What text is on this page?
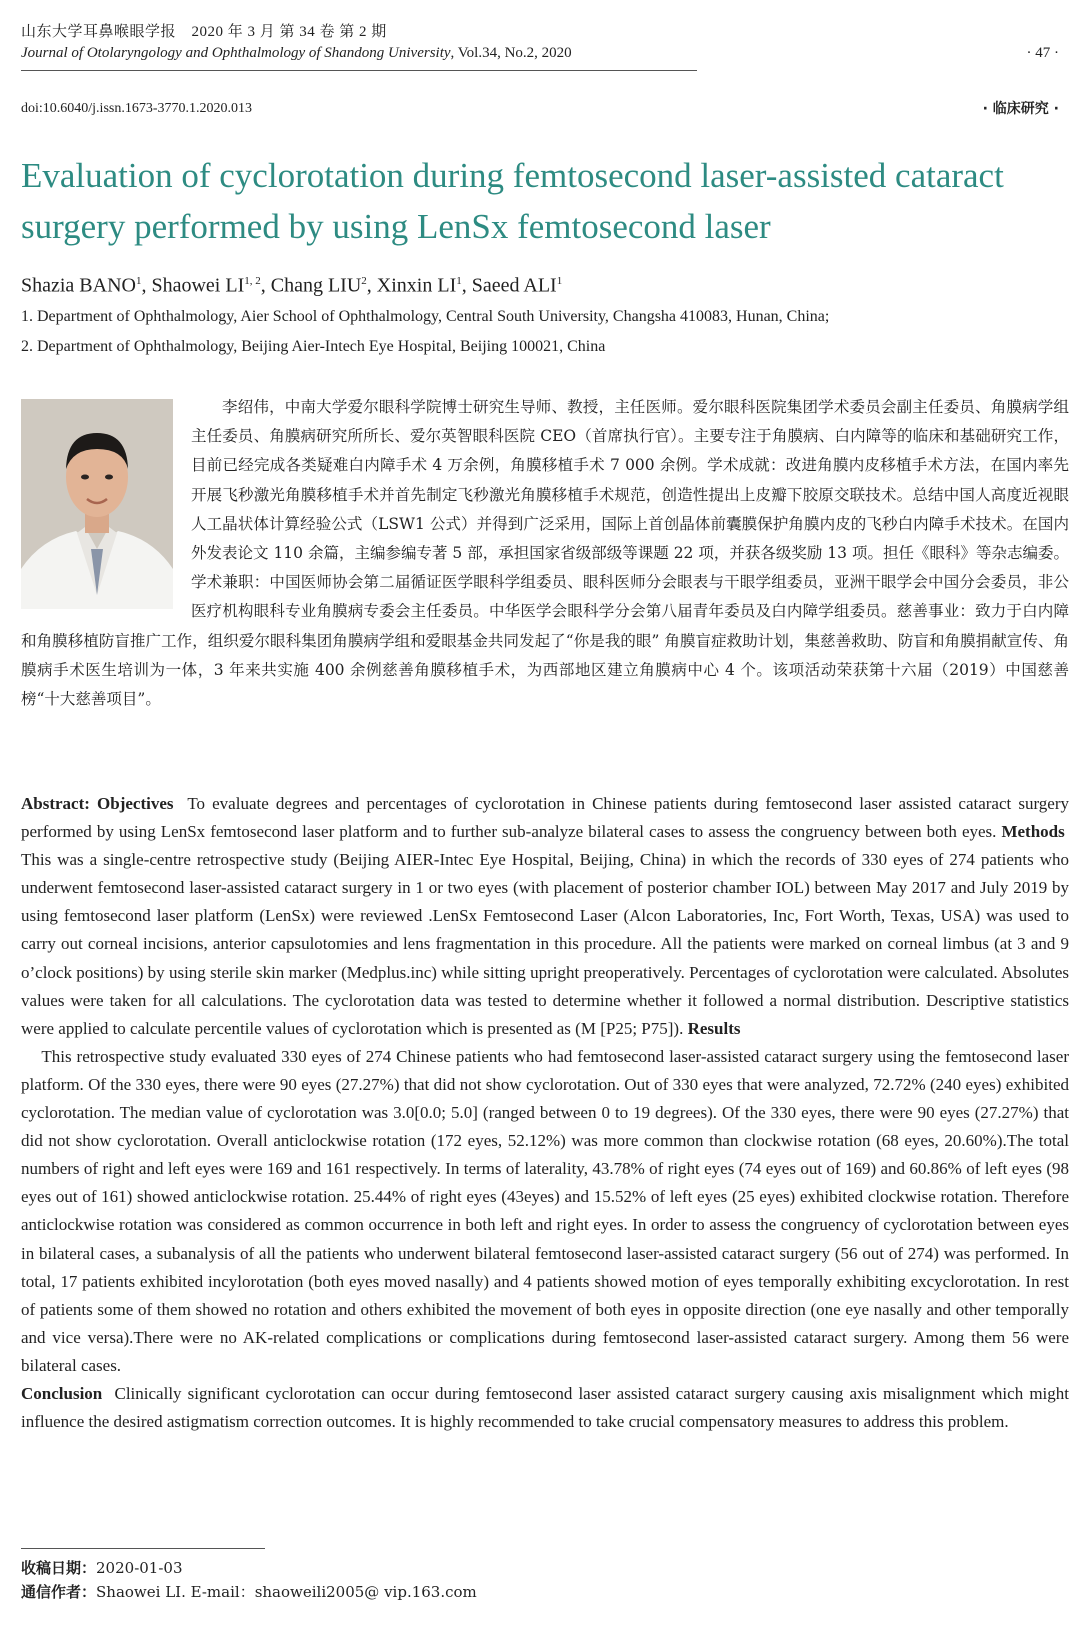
山东大学耳鼻喉眼学报　2020 年 3 月 第 34 卷 第 2 期
Journal of Otolaryngology and Ophthalmology of Shandong University, Vol.34, No.2, 2020	· 47 ·
doi:10.6040/j.issn.1673-3770.1.2020.013	· 临床研究 ·
Evaluation of cyclorotation during femtosecond laser-assisted cataract surgery performed by using LenSx femtosecond laser
Shazia BANO$^1$, Shaowei LI$^{1, 2}$, Chang LIU$^2$, Xinxin $LI^1$, Saeed ALI$^1$
1. Department of Ophthalmology, Aier School of Ophthalmology, Central South University, Changsha 410083, Hunan, China;
2. Department of Ophthalmology, Beijing Aier-Intech Eye Hospital, Beijing 100021, China

李绍伟，中南大学爱尔眼科学院博士研究生导师、教授，主任医师。爱尔眼科医院集团学术委员会副主任委员、角膜病学组主任委员、角膜病研究所所长、爱尔英智眼科医院 CEO（首席执行官）。主要专注于角膜病、白内障等的临床和基础研究工作，目前已经完成各类疑难白内障手术 4 万余例，角膜移植手术 7 000 余例。学术成就：改进角膜内皮移植手术方法，在国内率先开展飞秒激光角膜移植手术并首先制定飞秒激光角膜移植手术规范，创造性提出上皮瓣下胶原交联技术。总结中国人高度近视眼人工晶状体计算经验公式（LSW1 公式）并得到广泛采用，国际上首创晶体前囊膜保护角膜内皮的飞秒白内障手术技术。在国内外发表论文 110 余篇，主编参编专著 5 部，承担国家省级部级等课题 22 项，并获各级奖励 13 项。担任《眼科》等杂志编委。学术兼职：中国医师协会第二届循证医学眼科学组委员、眼科医师分会眼表与干眼学组委员，亚洲干眼学会中国分会委员，非公医疗机构眼科专业角膜病专委会主任委员。中华医学会眼科学分会第八届青年委员及白内障学组委员。慈善事业：致力于白内障和角膜移植防盲推广工作，组织爱尔眼科集团角膜病学组和爱眼基金共同发起了“你是我的眼” 角膜盲症救助计划，集慈善救助、防盲和角膜捐献宣传、角膜病手术医生培训为一体，3 年来共实施 400 余例慈善角膜移植手术，为西部地区建立角膜病中心 4 个。该项活动荣获第十六届（2019）中国慈善榜“十大慈善项目”。

Abstract: Objectives To evaluate degrees and percentages of cyclorotation in Chinese patients during femtosecond laser assisted cataract surgery performed by using LenSx femtosecond laser platform and to further sub-analyze bilateral cases to assess the congruency between both eyes. Methods  This was a single-centre retrospective study (Beijing AIER-Intec Eye Hospital, Beijing, China) in which the records of 330 eyes of 274 patients who underwent femtosecond laser-assisted cataract surgery in 1 or two eyes (with placement of posterior chamber IOL) between May 2017 and July 2019 by using femtosecond laser platform (LenSx) were reviewed .LenSx Femtosecond Laser (Alcon Laboratories, Inc, Fort Worth, Texas, USA) was used to carry out corneal incisions, anterior capsulotomies and lens fragmentation in this procedure. All the patients were marked on corneal limbus (at 3 and 9 o’clock positions) by using sterile skin marker (Medplus.inc) while sitting upright preoperatively. Percentages of cyclorotation were calculated. Absolutes values were taken for all calculations. The cyclorotation data was tested to determine whether it followed a normal distribution. Descriptive statistics were applied to calculate percentile values of cyclorotation which is presented as (M [P25; P75]). Results

This retrospective study evaluated 330 eyes of 274 Chinese patients who had femtosecond laser-assisted cataract surgery using the femtosecond laser platform. Of the 330 eyes, there were 90 eyes (27.27%) that did not show cyclorotation. Out of 330 eyes that were analyzed, 72.72% (240 eyes) exhibited cyclorotation. The median value of cyclorotation was 3.0[0.0; 5.0] (ranged between 0 to 19 degrees). Of the 330 eyes, there were 90 eyes (27.27%) that did not show cyclorotation. Overall anticlockwise rotation (172 eyes, 52.12%) was more common than clockwise rotation (68 eyes, 20.60%).The total numbers of right and left eyes were 169 and 161 respectively. In terms of laterality, 43.78% of right eyes (74 eyes out of 169) and 60.86% of left eyes (98 eyes out of 161) showed anticlockwise rotation. 25.44% of right eyes (43eyes) and 15.52% of left eyes (25 eyes) exhibited clockwise rotation. Therefore anticlockwise rotation was considered as common occurrence in both left and right eyes. In order to assess the congruency of cyclorotation between eyes in bilateral cases, a subanalysis of all the patients who underwent bilateral femtosecond laser-assisted cataract surgery (56 out of 274) was performed. In total, 17 patients exhibited incylorotation (both eyes moved nasally) and 4 patients showed motion of eyes temporally exhibiting excyclorotation. In rest of patients some of them showed no rotation and others exhibited the movement of both eyes in opposite direction (one eye nasally and other temporally and vice versa).There were no AK-related complications or complications during femtosecond laser-assisted cataract surgery. Among them 56 were bilateral cases.

Conclusion Clinically significant cyclorotation can occur during femtosecond laser assisted cataract surgery causing axis misalignment which might influence the desired astigmatism correction outcomes. It is highly recommended to take crucial compensatory measures to address this problem.

收稿日期：2020-01-03
通信作者：Shaowei LI. E-mail：shaoweili2005@ vip.163.com
